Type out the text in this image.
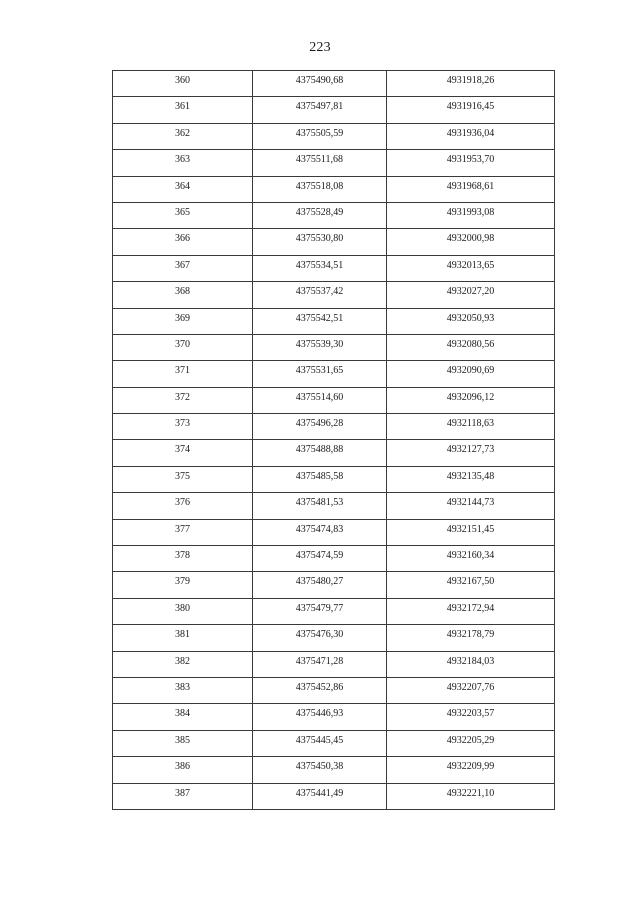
223
360	4375490,68	4931918,26
361	4375497,81	4931916,45
362	4375505,59	4931936,04
363	4375511,68	4931953,70
364	4375518,08	4931968,61
365	4375528,49	4931993,08
366	4375530,80	4932000,98
367	4375534,51	4932013,65
368	4375537,42	4932027,20
369	4375542,51	4932050,93
370	4375539,30	4932080,56
371	4375531,65	4932090,69
372	4375514,60	4932096,12
373	4375496,28	4932118,63
374	4375488,88	4932127,73
375	4375485,58	4932135,48
376	4375481,53	4932144,73
377	4375474,83	4932151,45
378	4375474,59	4932160,34
379	4375480,27	4932167,50
380	4375479,77	4932172,94
381	4375476,30	4932178,79
382	4375471,28	4932184,03
383	4375452,86	4932207,76
384	4375446,93	4932203,57
385	4375445,45	4932205,29
386	4375450,38	4932209,99
387	4375441,49	4932221,10
